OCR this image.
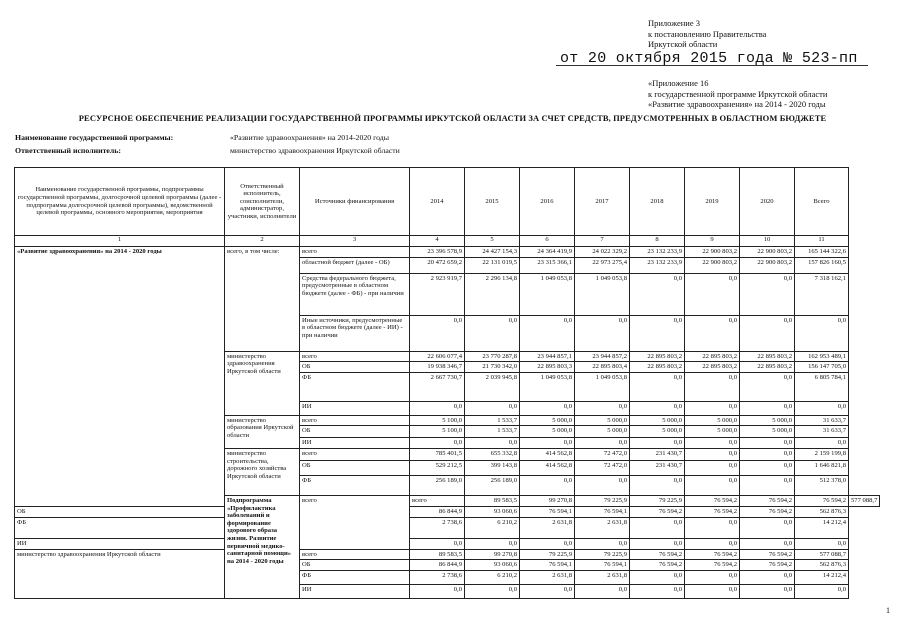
Приложение 3
к постановлению Правительства
Иркутской области
от 20 октября 2015 года № 523-пп
«Приложение 16
к государственной программе Иркутской области
«Развитие здравоохранения» на 2014 - 2020 годы
РЕСУРСНОЕ ОБЕСПЕЧЕНИЕ РЕАЛИЗАЦИИ ГОСУДАРСТВЕННОЙ ПРОГРАММЫ ИРКУТСКОЙ ОБЛАСТИ ЗА СЧЕТ СРЕДСТВ, ПРЕДУСМОТРЕННЫХ В ОБЛАСТНОМ БЮДЖЕТЕ
Наименование государственной программы:	«Развитие здравоохранения» на 2014-2020 годы
Ответственный исполнитель:	министерство здравоохранения Иркутской области
Наименование государственной программы, подпрограммы государственной программы, долгосрочной целевой программы (далее - подпрограмма долгосрочной целевой программы), ведомственной целевой программы, основного мероприятия, мероприятия	Ответственный исполнитель, соисполнители, администратор, участники, исполнители	Источники финансирования	2014	2015	2016	2017	2018	2019	2020	Всего	
1	2	3	4	5	6	7	8	9	10	11	
«Развитие здравоохранения» на 2014 - 2020 годы	всего, в том числе:	всего	23 396 578,9	24 427 154,3	24 364 419,9	24 022 329,2	23 132 233,9	22 900 803,2	22 900 803,2	165 144 322,6	
		областной бюджет (далее - ОБ)	20 472 659,2	22 131 019,5	23 315 366,1	22 973 275,4	23 132 233,9	22 900 803,2	22 900 803,2	157 826 160,5	
		Средства федерального бюджета, предусмотренные в областном бюджете (далее - ФБ) - при наличии	2 923 919,7	2 296 134,8	1 049 053,8	1 049 053,8	0,0	0,0	0,0	7 318 162,1	
		Иные источники, предусмотренные в областном бюджете (далее - ИИ) - при наличии	0,0	0,0	0,0	0,0	0,0	0,0	0,0	0,0	
	министерство здравоохранения Иркутской области	всего	22 606 077,4	23 770 287,8	23 944 857,1	23 944 857,2	22 895 803,2	22 895 803,2	22 895 803,2	162 953 489,1	
		ОБ	19 938 346,7	21 730 342,0	22 895 803,3	22 895 803,4	22 895 803,2	22 895 803,2	22 895 803,2	156 147 705,0	
		ФБ	2 667 730,7	2 039 945,8	1 049 053,8	1 049 053,8	0,0	0,0	0,0	6 805 784,1	
		ИИ	0,0	0,0	0,0	0,0	0,0	0,0	0,0	0,0	
	министерство образования Иркутской области	всего	5 100,0	1 533,7	5 000,0	5 000,0	5 000,0	5 000,0	5 000,0	31 633,7	
		ОБ	5 100,0	1 533,7	5 000,0	5 000,0	5 000,0	5 000,0	5 000,0	31 633,7	
		ИИ	0,0	0,0	0,0	0,0	0,0	0,0	0,0	0,0	
	министерство строительства, дорожного хозяйства Иркутской области	всего	785 401,5	655 332,8	414 562,8	72 472,0	231 430,7	0,0	0,0	2 159 199,8	
		ОБ	529 212,5	399 143,8	414 562,8	72 472,0	231 430,7	0,0	0,0	1 646 821,8	
		ФБ	256 189,0	256 189,0	0,0	0,0	0,0	0,0	0,0	512 378,0	
	Подпрограмма «Профилактика заболеваний и формирование здорового образа жизни. Развитие первичной медико-санитарной помощи» на 2014 - 2020 годы	всего	всего	89 583,5	99 270,8	79 225,9	79 225,9	76 594,2	76 594,2	76 594,2	577 088,7
ОБ			86 844,9	93 060,6	76 594,1	76 594,1	76 594,2	76 594,2	76 594,2	562 876,3	
ФБ			2 738,6	6 210,2	2 631,8	2 631,8	0,0	0,0	0,0	14 212,4	
ИИ			0,0	0,0	0,0	0,0	0,0	0,0	0,0	0,0	
министерство здравоохранения Иркутской области		всего	89 583,5	99 270,8	79 225,9	79 225,9	76 594,2	76 594,2	76 594,2	577 088,7	
		ОБ	86 844,9	93 060,6	76 594,1	76 594,1	76 594,2	76 594,2	76 594,2	562 876,3	
		ФБ	2 738,6	6 210,2	2 631,8	2 631,8	0,0	0,0	0,0	14 212,4	
		ИИ	0,0	0,0	0,0	0,0	0,0	0,0	0,0	0,0	
1
